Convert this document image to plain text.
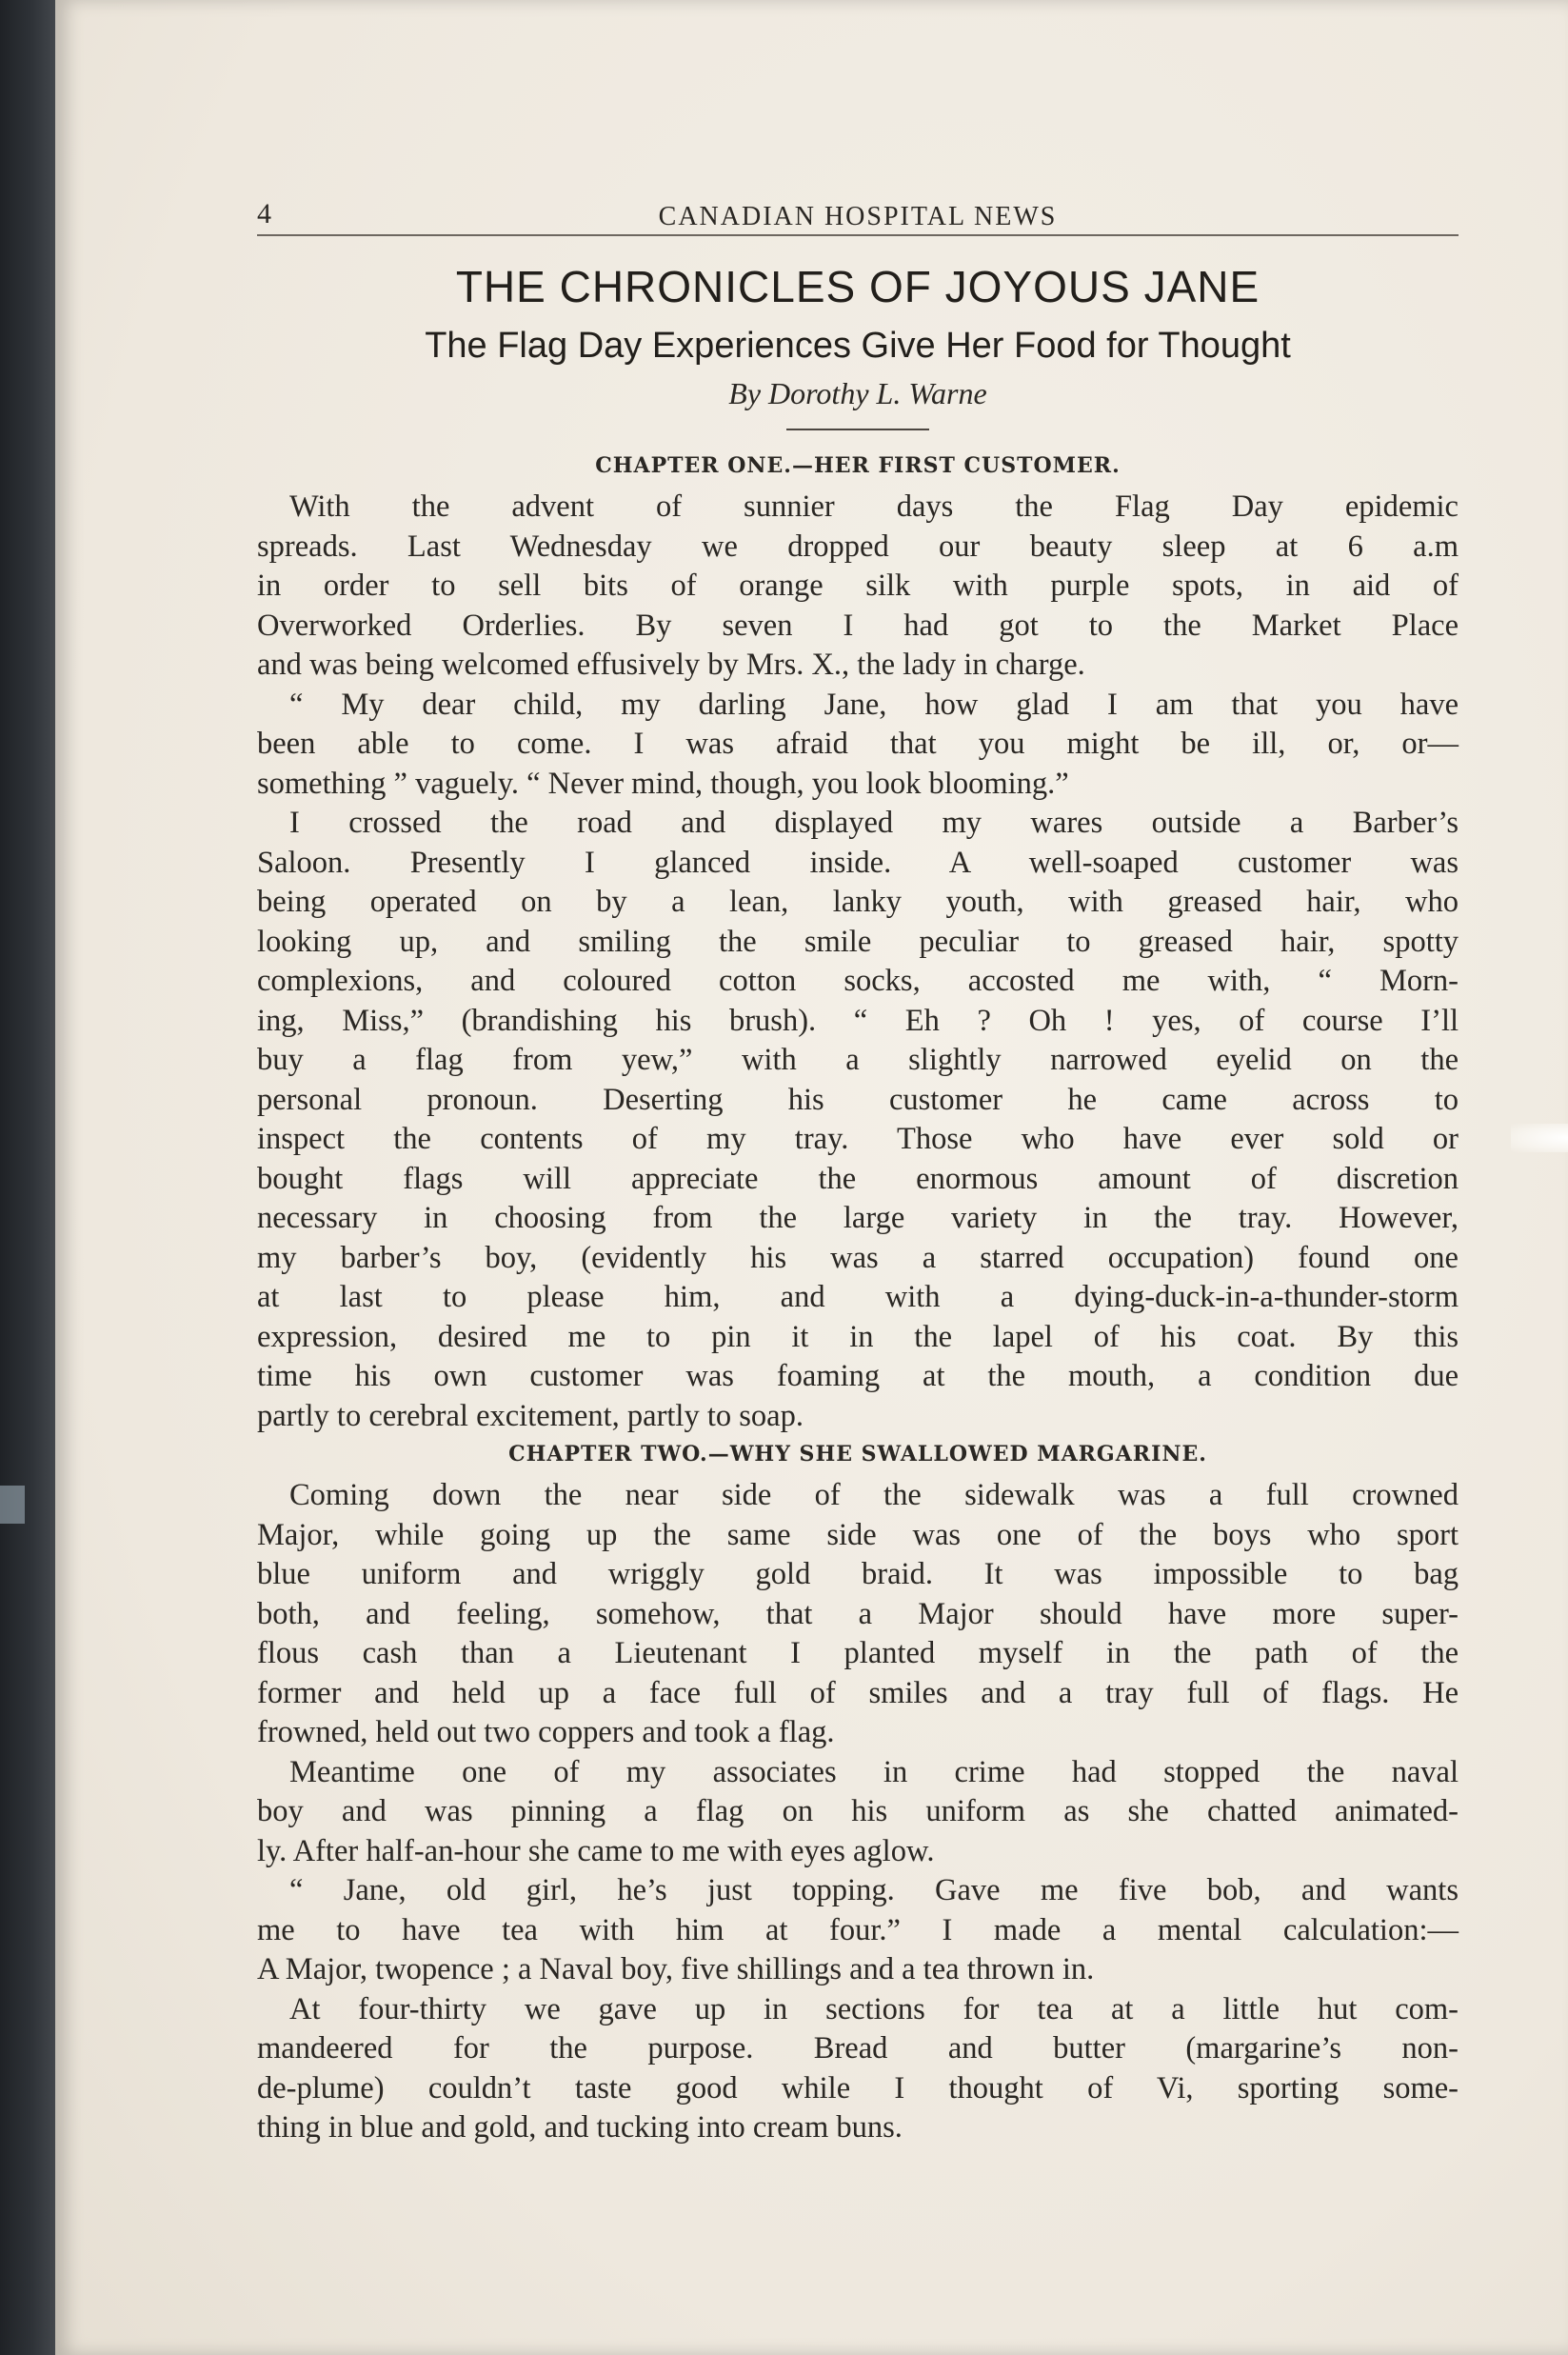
4	CANADIAN HOSPITAL NEWS
THE CHRONICLES OF JOYOUS JANE
The Flag Day Experiences Give Her Food for Thought
By Dorothy L. Warne
CHAPTER ONE.—HER FIRST CUSTOMER.

With the advent of sunnier days the Flag Day epidemic
spreads. Last Wednesday we dropped our beauty sleep at 6 a.m
in order to sell bits of orange silk with purple spots, in aid of
Overworked Orderlies. By seven I had got to the Market Place
and was being welcomed effusively by Mrs. X., the lady in charge.

“ My dear child, my darling Jane, how glad I am that you have
been able to come. I was afraid that you might be ill, or, or—
something ” vaguely. “ Never mind, though, you look blooming.”

I crossed the road and displayed my wares outside a Barber’s
Saloon. Presently I glanced inside. A well-soaped customer was
being operated on by a lean, lanky youth, with greased hair, who
looking up, and smiling the smile peculiar to greased hair, spotty
complexions, and coloured cotton socks, accosted me with, “ Morn-
ing, Miss,” (brandishing his brush). “ Eh ? Oh ! yes, of course I’ll
buy a flag from yew,” with a slightly narrowed eyelid on the
personal pronoun. Deserting his customer he came across to
inspect the contents of my tray. Those who have ever sold or
bought flags will appreciate the enormous amount of discretion
necessary in choosing from the large variety in the tray. However,
my barber’s boy, (evidently his was a starred occupation) found one
at last to please him, and with a dying-duck-in-a-thunder-storm
expression, desired me to pin it in the lapel of his coat. By this
time his own customer was foaming at the mouth, a condition due
partly to cerebral excitement, partly to soap.

CHAPTER TWO.—WHY SHE SWALLOWED MARGARINE.

Coming down the near side of the sidewalk was a full crowned
Major, while going up the same side was one of the boys who sport
blue uniform and wriggly gold braid. It was impossible to bag
both, and feeling, somehow, that a Major should have more super-
flous cash than a Lieutenant I planted myself in the path of the
former and held up a face full of smiles and a tray full of flags. He
frowned, held out two coppers and took a flag.

Meantime one of my associates in crime had stopped the naval
boy and was pinning a flag on his uniform as she chatted animated-
ly. After half-an-hour she came to me with eyes aglow.

“ Jane, old girl, he’s just topping. Gave me five bob, and wants
me to have tea with him at four.” I made a mental calculation:—
A Major, twopence ; a Naval boy, five shillings and a tea thrown in.

At four-thirty we gave up in sections for tea at a little hut com-
mandeered for the purpose. Bread and butter (margarine’s non-
de-plume) couldn’t taste good while I thought of Vi, sporting some-
thing in blue and gold, and tucking into cream buns.
